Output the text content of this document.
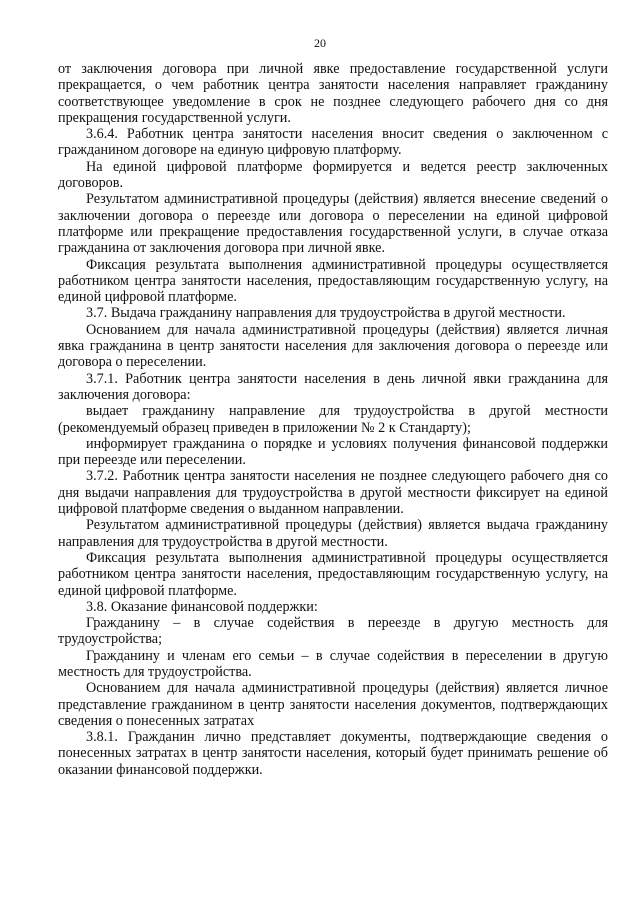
20

от заключения договора при личной явке предоставление государственной услуги прекращается, о чем работник центра занятости населения направляет гражданину соответствующее уведомление в срок не позднее следующего рабочего дня со дня прекращения государственной услуги.

3.6.4. Работник центра занятости населения вносит сведения о заключенном с гражданином договоре на единую цифровую платформу.

На единой цифровой платформе формируется и ведется реестр заключенных договоров.

Результатом административной процедуры (действия) является внесение сведений о заключении договора о переезде или договора о переселении на единой цифровой платформе или прекращение предоставления государственной услуги, в случае отказа гражданина от заключения договора при личной явке.

Фиксация результата выполнения административной процедуры осуществляется работником центра занятости населения, предоставляющим государственную услугу, на единой цифровой платформе.

3.7. Выдача гражданину направления для трудоустройства в другой местности.

Основанием для начала административной процедуры (действия) является личная явка гражданина в центр занятости населения для заключения договора о переезде или договора о переселении.

3.7.1. Работник центра занятости населения в день личной явки гражданина для заключения договора:

выдает гражданину направление для трудоустройства в другой местности (рекомендуемый образец приведен в приложении № 2 к Стандарту);

информирует гражданина о порядке и условиях получения финансовой поддержки при переезде или переселении.

3.7.2. Работник центра занятости населения не позднее следующего рабочего дня со дня выдачи направления для трудоустройства в другой местности фиксирует на единой цифровой платформе сведения о выданном направлении.

Результатом административной процедуры (действия) является выдача гражданину направления для трудоустройства в другой местности.

Фиксация результата выполнения административной процедуры осуществляется работником центра занятости населения, предоставляющим государственную услугу, на единой цифровой платформе.

3.8. Оказание финансовой поддержки:

Гражданину – в случае содействия в переезде в другую местность для трудоустройства;

Гражданину и членам его семьи – в случае содействия в переселении в другую местность для трудоустройства.

Основанием для начала административной процедуры (действия) является личное представление гражданином в центр занятости населения документов, подтверждающих сведения о понесенных затратах

3.8.1. Гражданин лично представляет документы, подтверждающие сведения о понесенных затратах в центр занятости населения, который будет принимать решение об оказании финансовой поддержки.
